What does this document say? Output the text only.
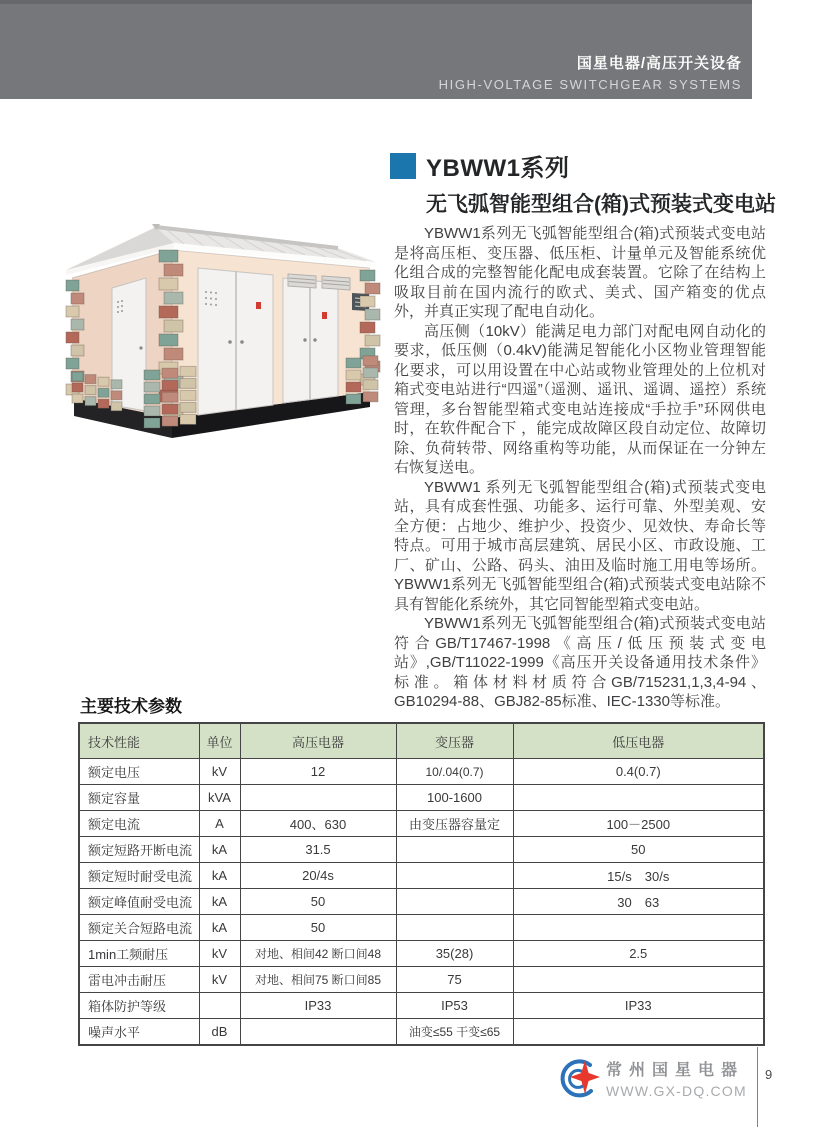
国星电器/高压开关设备
HIGH-VOLTAGE SWITCHGEAR SYSTEMS
YBWW1系列
无飞弧智能型组合(箱)式预装式变电站

YBWW1系列无飞弧智能型组合(箱)式预装式变电站是将高压柜、变压器、低压柜、计量单元及智能系统优化组合成的完整智能化配电成套装置。它除了在结构上吸取目前在国内流行的欧式、美式、国产箱变的优点外，并真正实现了配电自动化。

高压侧（10kV）能满足电力部门对配电网自动化的要求，低压侧（0.4kV)能满足智能化小区物业管理智能化要求，可以用设置在中心站或物业管理处的上位机对箱式变电站进行“四遥”（遥测、遥讯、遥调、遥控）系统管理，多台智能型箱式变电站连接成“手拉手”环网供电时，在软件配合下 ，能完成故障区段自动定位、故障切除、负荷转带、网络重构等功能，从而保证在一分钟左右恢复送电。

YBWW1 系列无飞弧智能型组合(箱)式预装式变电站，具有成套性强、功能多、运行可靠、外型美观、安全方便：占地少、维护少、投资少、见效快、寿命长等特点。可用于城市高层建筑、居民小区、市政设施、工厂、矿山、公路、码头、油田及临时施工用电等场所。YBWW1系列无飞弧智能型组合(箱)式预装式变电站除不具有智能化系统外，其它同智能型箱式变电站。

YBWW1系列无飞弧智能型组合(箱)式预装式变电站符合GB/T17467-1998《高压/低压预装式变电站》,GB/T11022-1999《高压开关设备通用技术条件》标准。箱体材料材质符合GB/715231,1,3,4-94、GB10294-88、GBJ82-85标准、IEC-1330等标准。

主要技术参数
技术性能	单位	高压电器	变压器	低压电器
额定电压	kV	12	10/.04(0.7)	0.4(0.7)
额定容量	kVA		100-1600	
额定电流	A	400、630	由变压器容量定	100－2500
额定短路开断电流	kA	31.5		50
额定短时耐受电流	kA	20/4s		15/s　30/s
额定峰值耐受电流	kA	50		30　63
额定关合短路电流	kA	50		
1min工频耐压	kV	对地、相间42 断口间48	35(28)	2.5
雷电冲击耐压	kV	对地、相间75 断口间85	75	
箱体防护等级		IP33	IP53	IP33
噪声水平	dB		油变≤55 干变≤65	
常州国星电器
WWW.GX-DQ.COM
9
